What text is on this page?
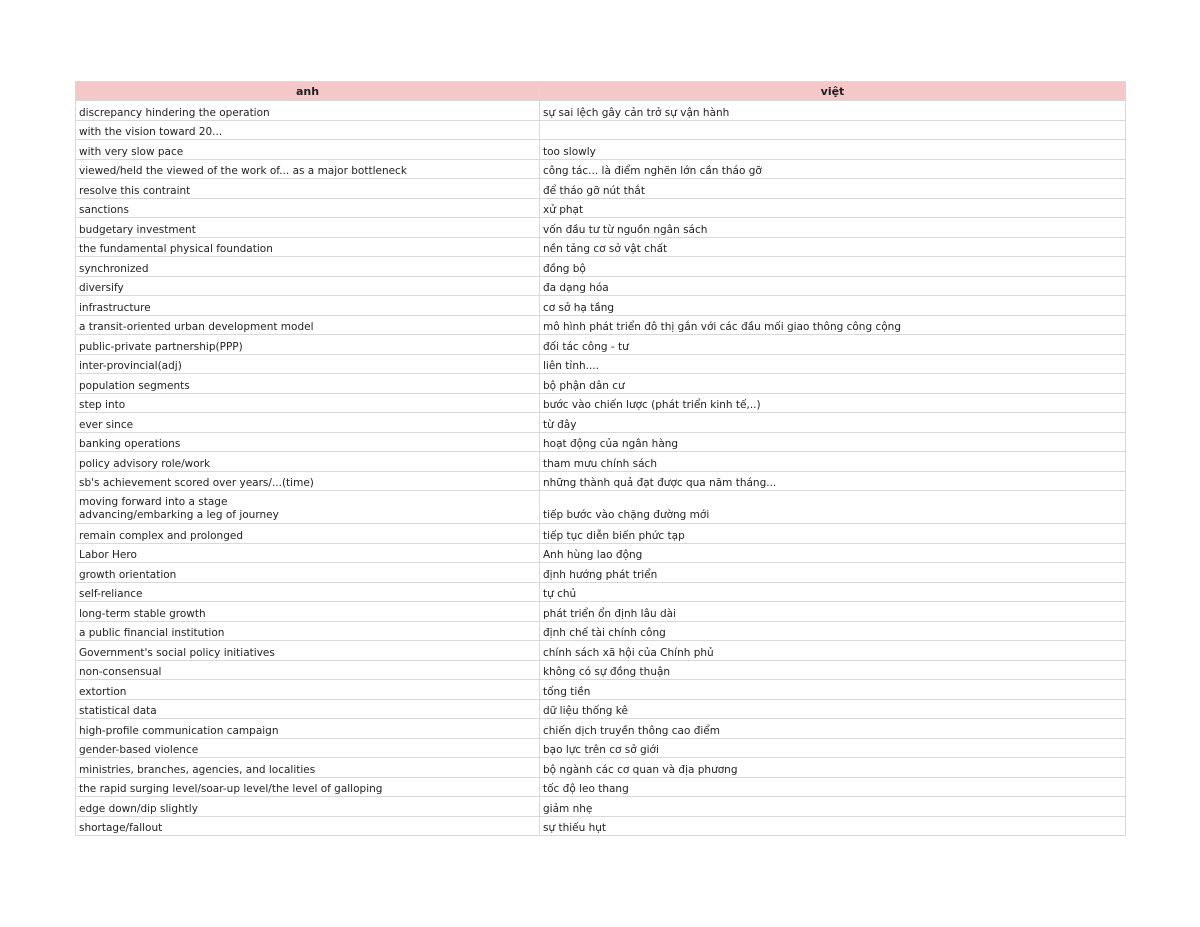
anh	việt
discrepancy hindering the operation	sự sai lệch gây cản trở sự vận hành
with the vision toward 20...	
with very slow pace	too slowly
viewed/held the viewed of the work of... as a major bottleneck	công tác... là điểm nghẽn lớn cần tháo gỡ
resolve this contraint	để tháo gỡ nút thắt
sanctions	xử phạt
budgetary investment	vốn đầu tư từ nguồn ngân sách
the fundamental physical foundation	nền tảng cơ sở vật chất
synchronized	đồng bộ
diversify	đa dạng hóa
infrastructure	cơ sở hạ tầng
a transit-oriented urban development model	mô hình phát triển đô thị gắn với các đầu mối giao thông công cộng
public-private partnership(PPP)	đối tác công - tư
inter-provincial(adj)	liên tỉnh....
population segments	bộ phận dân cư
step into	bước vào chiến lược (phát triển kinh tế,..)
ever since	từ đây
banking operations	hoạt động của ngân hàng
policy advisory role/work	tham mưu chính sách
sb's achievement scored over years/...(time)	những thành quả đạt được qua năm tháng...
moving forward into a stage
advancing/embarking a leg of journey	tiếp bước vào chặng đường mới
remain complex and prolonged	tiếp tục diễn biến phức tạp
Labor Hero	Anh hùng lao động
growth orientation	định hướng phát triển
self-reliance	tự chủ
long-term stable growth	phát triển ổn định lâu dài
a public financial institution	định chế tài chính công
Government's social policy initiatives	chính sách xã hội của Chính phủ
non-consensual	không có sự đồng thuận
extortion	tống tiền
statistical data	dữ liệu thống kê
high-profile communication campaign	chiến dịch truyền thông cao điểm
gender-based violence	bạo lực trên cơ sở giới
ministries, branches, agencies, and localities	bộ ngành các cơ quan và địa phương
the rapid surging level/soar-up level/the level of galloping	tốc độ leo thang
edge down/dip slightly	giảm nhẹ
shortage/fallout	sự thiếu hụt
